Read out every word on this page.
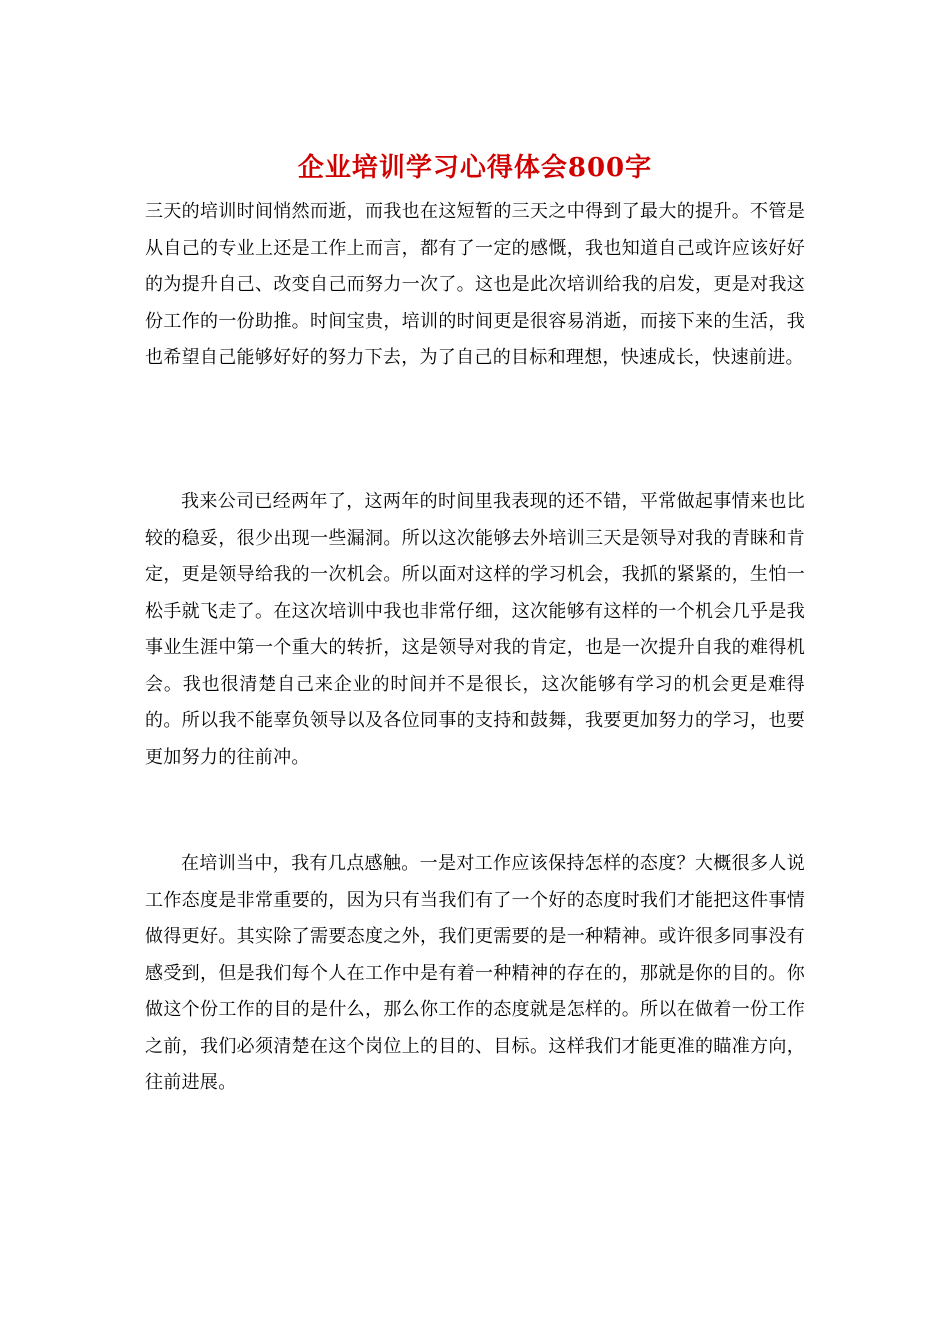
企业培训学习心得体会800字

三天的培训时间悄然而逝，而我也在这短暂的三天之中得到了最大的提升。不管是从自己的专业上还是工作上而言，都有了一定的感慨，我也知道自己或许应该好好的为提升自己、改变自己而努力一次了。这也是此次培训给我的启发，更是对我这份工作的一份助推。时间宝贵，培训的时间更是很容易消逝，而接下来的生活，我也希望自己能够好好的努力下去，为了自己的目标和理想，快速成长，快速前进。

我来公司已经两年了，这两年的时间里我表现的还不错，平常做起事情来也比较的稳妥，很少出现一些漏洞。所以这次能够去外培训三天是领导对我的青睐和肯定，更是领导给我的一次机会。所以面对这样的学习机会，我抓的紧紧的，生怕一松手就飞走了。在这次培训中我也非常仔细，这次能够有这样的一个机会几乎是我事业生涯中第一个重大的转折，这是领导对我的肯定，也是一次提升自我的难得机会。我也很清楚自己来企业的时间并不是很长，这次能够有学习的机会更是难得的。所以我不能辜负领导以及各位同事的支持和鼓舞，我要更加努力的学习，也要更加努力的往前冲。

在培训当中，我有几点感触。一是对工作应该保持怎样的态度？大概很多人说工作态度是非常重要的，因为只有当我们有了一个好的态度时我们才能把这件事情做得更好。其实除了需要态度之外，我们更需要的是一种精神。或许很多同事没有感受到，但是我们每个人在工作中是有着一种精神的存在的，那就是你的目的。你做这个份工作的目的是什么，那么你工作的态度就是怎样的。所以在做着一份工作之前，我们必须清楚在这个岗位上的目的、目标。这样我们才能更准的瞄准方向，往前进展。
